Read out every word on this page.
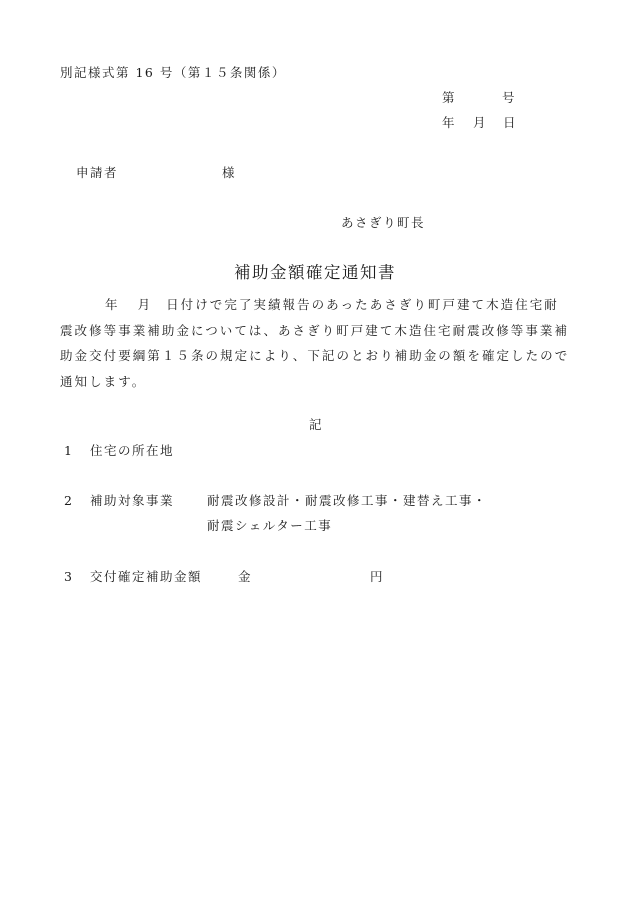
別記様式第 16 号（第１５条関係）
第	号
年 月 日
申請者	様
あさぎり町長
補助金額確定通知書
年 月 日付けで完了実績報告のあったあさぎり町戸建て木造住宅耐
震改修等事業補助金については、あさぎり町戸建て木造住宅耐震改修等事業補
助金交付要綱第１５条の規定により、下記のとおり補助金の額を確定したので
通知します。
記
1 住宅の所在地
2 補助対象事業	耐震改修設計・耐震改修工事・建替え工事・
耐震シェルター工事
3 交付確定補助金額	金	円
